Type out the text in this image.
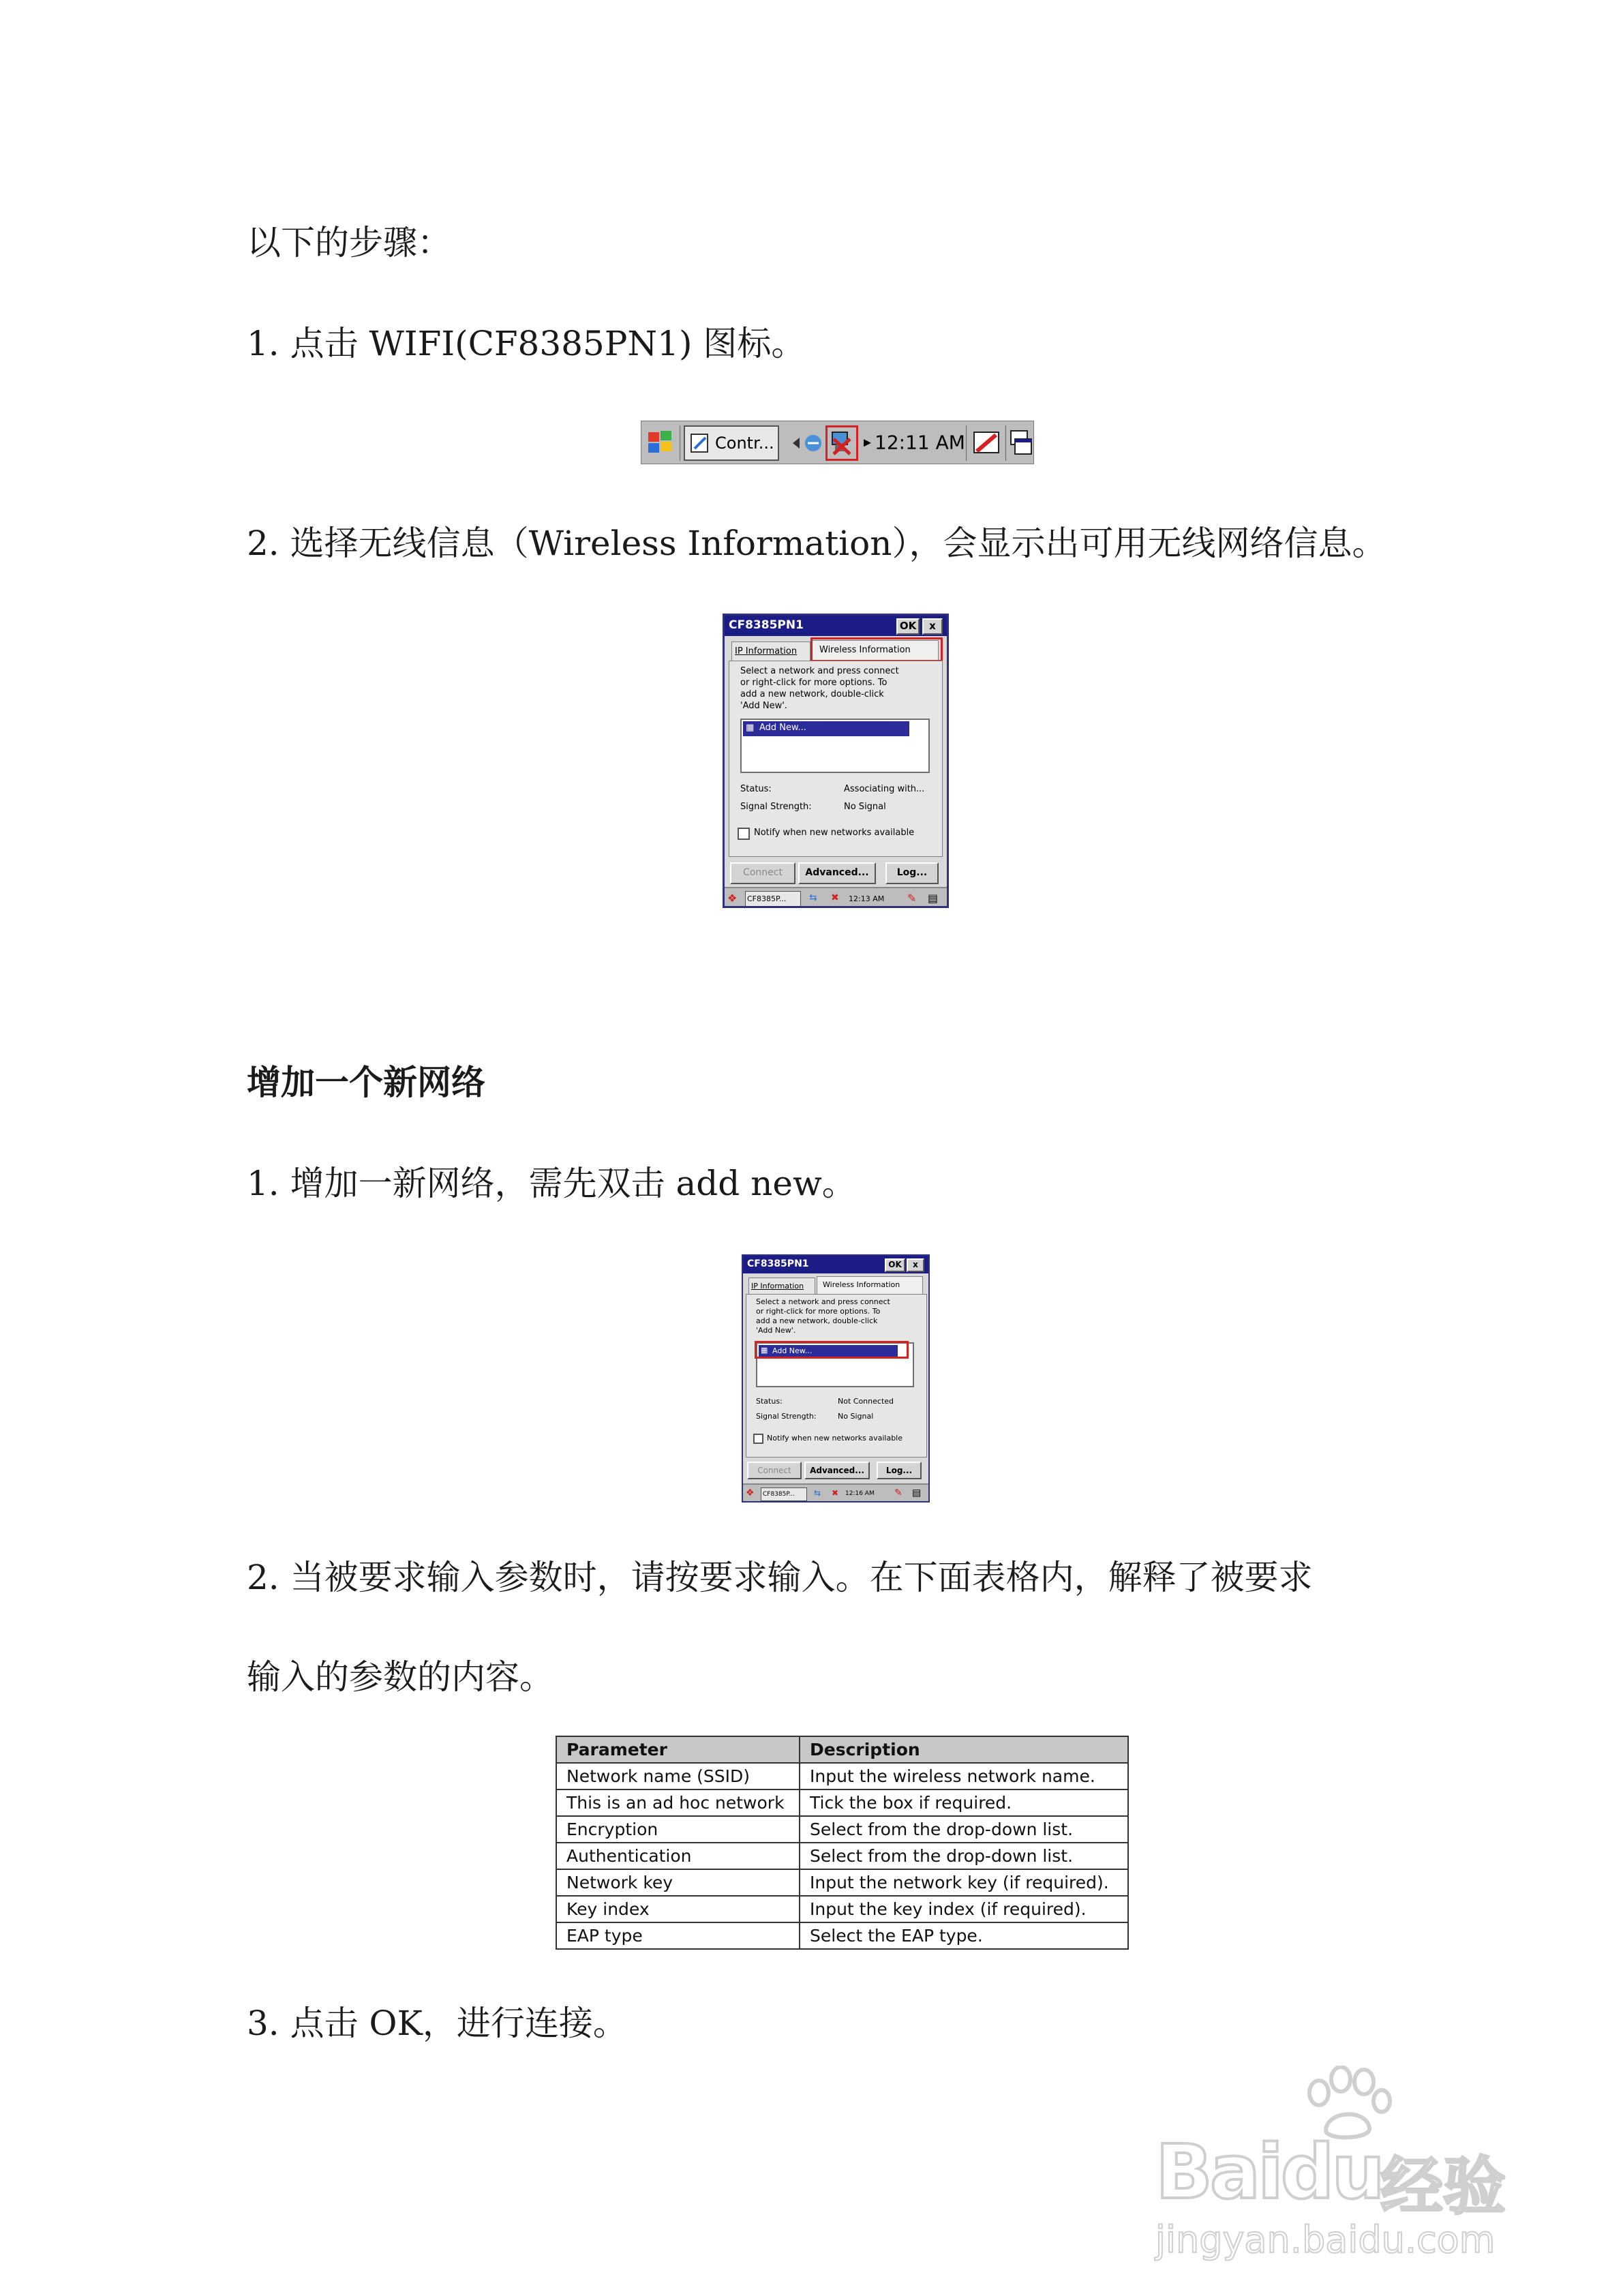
以下的步骤：
1. 点击 WIFI(CF8385PN1) 图标。
Contr...	▸ 12:11 AM
2. 选择无线信息（Wireless Information），会显示出可用无线网络信息。
CF8385PN1	OK	x
IP Information	Wireless Information
Select a network and press connect
or right-click for more options. To
add a new network, double-click
'Add New'.
▦ Add New...
Status:	Associating with...
Signal Strength:	No Signal
Notify when new networks available
Connect	Advanced...	Log...
❖ CF8385P...	⇆ ✖ 12:13 AM ✎ ▤
增加一个新网络
1. 增加一新网络，需先双击 add new。
CF8385PN1	OK	x
IP Information	Wireless Information
Select a network and press connect
or right-click for more options. To
add a new network, double-click
'Add New'.
▦ Add New...
Status:	Not Connected
Signal Strength:	No Signal
Notify when new networks available
Connect	Advanced...	Log...
❖	CF8385P...	⇆ ✖ 12:16 AM ✎ ▤
2. 当被要求输入参数时，请按要求输入。在下面表格内，解释了被要求
输入的参数的内容。
Parameter	Description
Network name (SSID)	Input the wireless network name.
This is an ad hoc network	Tick the box if required.
Encryption	Select from the drop-down list.
Authentication	Select from the drop-down list.
Network key	Input the network key (if required).
Key index	Input the key index (if required).
EAP type	Select the EAP type.
3. 点击 OK，进行连接。
Baidu
经验
jingyan.baidu.com
